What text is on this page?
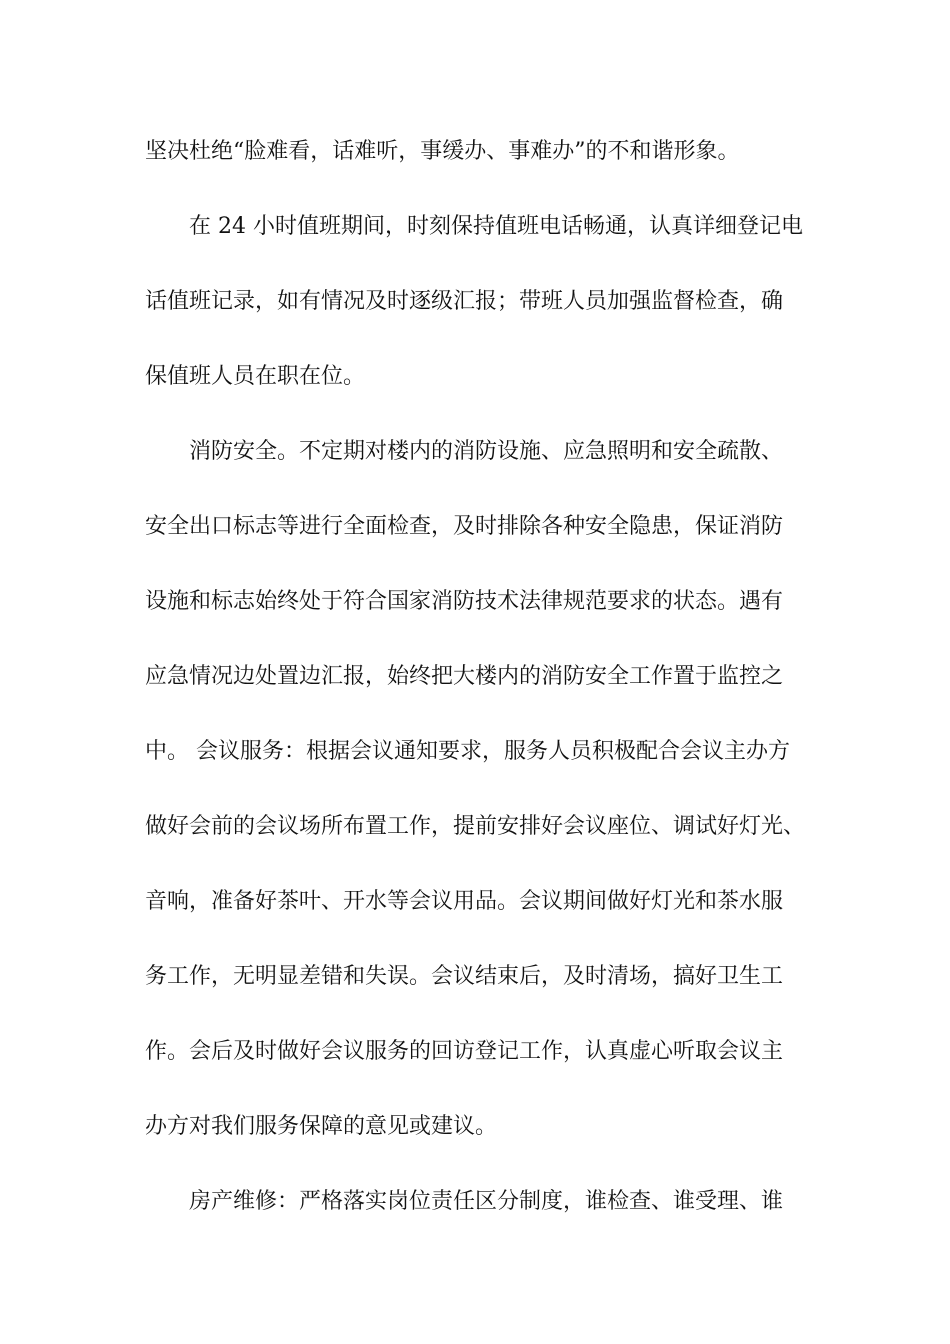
坚决杜绝“脸难看，话难听，事缓办、事难办”的不和谐形象。
在 24 小时值班期间，时刻保持值班电话畅通，认真详细登记电
话值班记录，如有情况及时逐级汇报；带班人员加强监督检查，确
保值班人员在职在位。
消防安全。不定期对楼内的消防设施、应急照明和安全疏散、
安全出口标志等进行全面检查，及时排除各种安全隐患，保证消防
设施和标志始终处于符合国家消防技术法律规范要求的状态。遇有
应急情况边处置边汇报，始终把大楼内的消防安全工作置于监控之
中。 会议服务：根据会议通知要求，服务人员积极配合会议主办方
做好会前的会议场所布置工作，提前安排好会议座位、调试好灯光、
音响，准备好茶叶、开水等会议用品。会议期间做好灯光和茶水服
务工作，无明显差错和失误。会议结束后，及时清场，搞好卫生工
作。会后及时做好会议服务的回访登记工作，认真虚心听取会议主
办方对我们服务保障的意见或建议。
房产维修：严格落实岗位责任区分制度，谁检查、谁受理、谁
